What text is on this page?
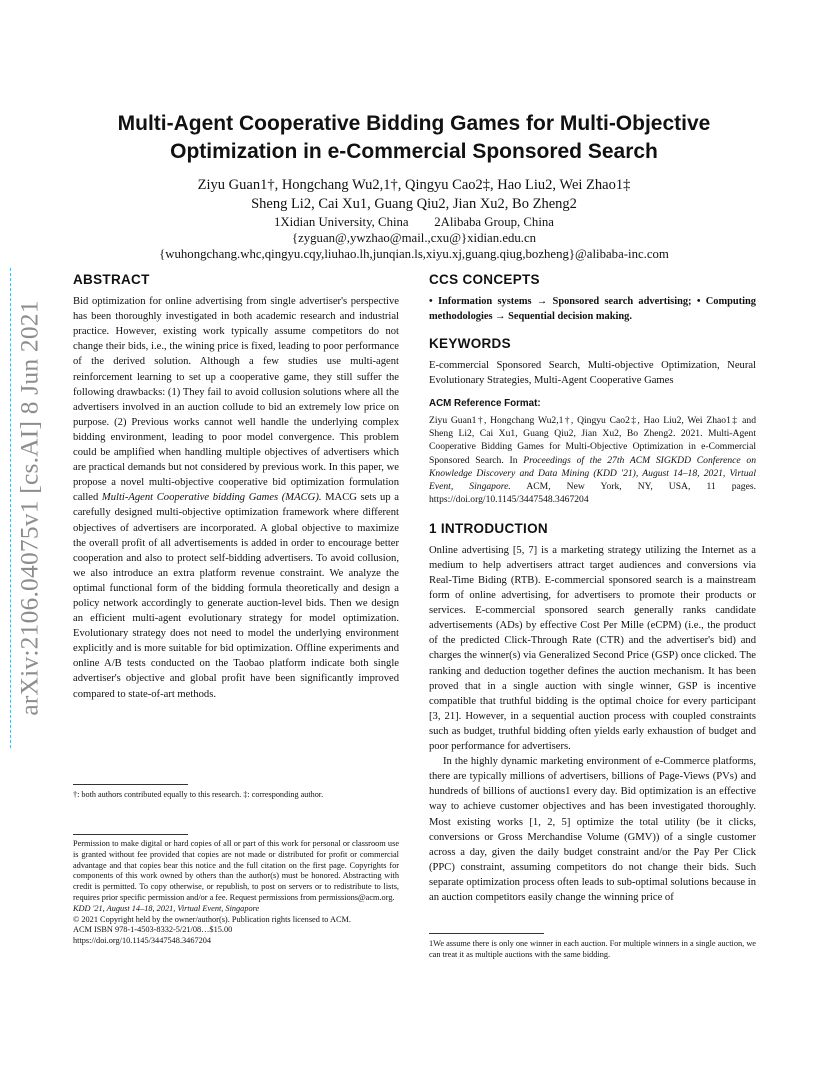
arXiv:2106.04075v1 [cs.AI] 8 Jun 2021
Multi-Agent Cooperative Bidding Games for Multi-Objective
Optimization in e-Commercial Sponsored Search
Ziyu Guan1†, Hongchang Wu2,1†, Qingyu Cao2‡, Hao Liu2, Wei Zhao1‡
Sheng Li2, Cai Xu1, Guang Qiu2, Jian Xu2, Bo Zheng2
1Xidian University, China        2Alibaba Group, China
{zyguan@,ywzhao@mail.,cxu@}xidian.edu.cn
{wuhongchang.whc,qingyu.cqy,liuhao.lh,junqian.ls,xiyu.xj,guang.qiug,bozheng}@alibaba-inc.com
ABSTRACT

Bid optimization for online advertising from single advertiser's perspective has been thoroughly investigated in both academic research and industrial practice. However, existing work typically assume competitors do not change their bids, i.e., the wining price is fixed, leading to poor performance of the derived solution. Although a few studies use multi-agent reinforcement learning to set up a cooperative game, they still suffer the following drawbacks: (1) They fail to avoid collusion solutions where all the advertisers involved in an auction collude to bid an extremely low price on purpose. (2) Previous works cannot well handle the underlying complex bidding environment, leading to poor model convergence. This problem could be amplified when handling multiple objectives of advertisers which are practical demands but not considered by previous work. In this paper, we propose a novel multi-objective cooperative bid optimization formulation called Multi-Agent Cooperative bidding Games (MACG). MACG sets up a carefully designed multi-objective optimization framework where different objectives of advertisers are incorporated. A global objective to maximize the overall profit of all advertisements is added in order to encourage better cooperation and also to protect self-bidding advertisers. To avoid collusion, we also introduce an extra platform revenue constraint. We analyze the optimal functional form of the bidding formula theoretically and design a policy network accordingly to generate auction-level bids. Then we design an efficient multi-agent evolutionary strategy for model optimization. Evolutionary strategy does not need to model the underlying environment explicitly and is more suitable for bid optimization. Offline experiments and online A/B tests conducted on the Taobao platform indicate both single advertiser's objective and global profit have been significantly improved compared to state-of-art methods.

†: both authors contributed equally to this research. ‡: corresponding author.
Permission to make digital or hard copies of all or part of this work for personal or classroom use is granted without fee provided that copies are not made or distributed for profit or commercial advantage and that copies bear this notice and the full citation on the first page. Copyrights for components of this work owned by others than the author(s) must be honored. Abstracting with credit is permitted. To copy otherwise, or republish, to post on servers or to redistribute to lists, requires prior specific permission and/or a fee. Request permissions from permissions@acm.org.
KDD '21, August 14–18, 2021, Virtual Event, Singapore
© 2021 Copyright held by the owner/author(s). Publication rights licensed to ACM.
ACM ISBN 978-1-4503-8332-5/21/08…$15.00
https://doi.org/10.1145/3447548.3467204
CCS CONCEPTS

• Information systems → Sponsored search advertising; • Computing methodologies → Sequential decision making.

KEYWORDS

E-commercial Sponsored Search, Multi-objective Optimization, Neural Evolutionary Strategies, Multi-Agent Cooperative Games

ACM Reference Format:

Ziyu Guan1†, Hongchang Wu2,1†, Qingyu Cao2‡, Hao Liu2, Wei Zhao1‡ and Sheng Li2, Cai Xu1, Guang Qiu2, Jian Xu2, Bo Zheng2. 2021. Multi-Agent Cooperative Bidding Games for Multi-Objective Optimization in e-Commercial Sponsored Search. In Proceedings of the 27th ACM SIGKDD Conference on Knowledge Discovery and Data Mining (KDD '21), August 14–18, 2021, Virtual Event, Singapore. ACM, New York, NY, USA, 11 pages. https://doi.org/10.1145/3447548.3467204

1 INTRODUCTION

Online advertising [5, 7] is a marketing strategy utilizing the Internet as a medium to help advertisers attract target audiences and conversions via Real-Time Biding (RTB). E-commercial sponsored search is a mainstream form of online advertising, for advertisers to promote their products or services. E-commercial sponsored search generally ranks candidate advertisements (ADs) by effective Cost Per Mille (eCPM) (i.e., the product of the predicted Click-Through Rate (CTR) and the advertiser's bid) and charges the winner(s) via Generalized Second Price (GSP) once clicked. The ranking and deduction together defines the auction mechanism. It has been proved that in a single auction with single winner, GSP is incentive compatible that truthful bidding is the optimal choice for every participant [3, 21]. However, in a sequential auction process with coupled constraints such as budget, truthful bidding often yields early exhaustion of budget and poor performance for advertisers.

In the highly dynamic marketing environment of e-Commerce platforms, there are typically millions of advertisers, billions of Page-Views (PVs) and hundreds of billions of auctions1 every day. Bid optimization is an effective way to achieve customer objectives and has been investigated thoroughly. Most existing works [1, 2, 5] optimize the total utility (be it clicks, conversions or Gross Merchandise Volume (GMV)) of a single customer across a day, given the daily budget constraint and/or the Pay Per Click (PPC) constraint, assuming competitors do not change their bids. Such separate optimization process often leads to sub-optimal solutions because in an auction competitors easily change the winning price of

1We assume there is only one winner in each auction. For multiple winners in a single auction, we can treat it as multiple auctions with the same bidding.
